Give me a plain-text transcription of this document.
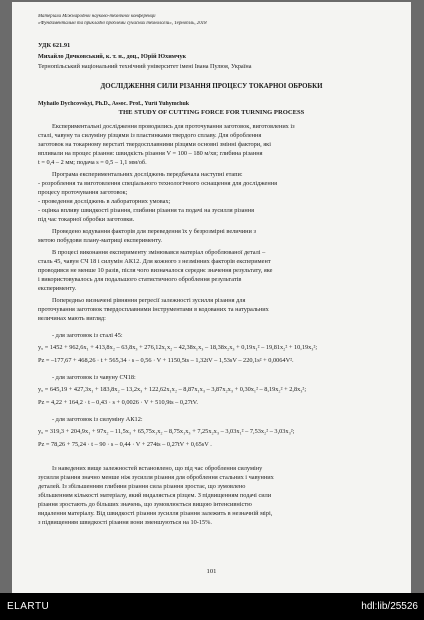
Матеріали Міжнародної науково-технічної конференції
«Фундаментальні та прикладні проблеми сучасних технологій», Тернопіль, 2018
УДК 621.91
Михайло Дячковський, к. т. н., доц., Юрій Юхимчук
Тернопільський національний технічний університет імені Івана Пулюя, Україна
ДОСЛІДЖЕННЯ СИЛИ РІЗАННЯ ПРОЦЕСУ ТОКАРНОЇ ОБРОБКИ
Myhailo Dychcovskyi, Ph.D., Assoc. Prof., Yurii Yuhymchuk
THE STUDY OF CUTTING FORCE FOR TURNING PROCESS
Експериментальні дослідження проводились для проточування заготовок, виготовлених із
сталі, чавуну та силуміну різцями із пластинками твердого сплаву. Для оброблення
заготовок на токарному верстаті твердосплавними різцями основні змінні фактори, які
впливали на процес різання: швидкість різання V = 100 – 180 м/хв; глибина різання
t = 0,4 – 2 мм; подача s = 0,5 – 1,1 мм/об.
Програма експериментальних досліджень передбачала наступні етапи:
- розроблення та виготовлення спеціального технологічного оснащення для дослідження
процесу проточування заготовок;
- проведення досліджень в лабораторних умовах;
- оцінка впливу швидкості різання, глибини різання та подачі на зусилля різання
під час токарної обробки заготовки.
Проведено кодування факторів для переведення їх у безрозмірні величини з
метою побудови плану-матриці експерименту.
В процесі виконання експерименту змінювався матеріал оброблюваної деталі –
сталь 45, чавун СЧ 18 і силумін АК12. Для кожного з незмінних факторів експеримент
проводився не менше 10 разів, після чого визначалося середнє значення результату, яке
і використовувалось для подальшого статистичного оброблення результатів
експерименту.
Попередньо визначені рівняння регресії залежності зусилля різання для
проточування заготовок твердосплавними інструментами в кодованих та натуральних
величинах мають вигляд:
- для заготовок із сталі 45:
yᵤ = 1452 + 962,6x₁ + 413,8x₂ – 63,8x₃ + 276,12x₁x₂ – 42,38x₁x₃ – 18,38x₂x₃ + 0,19x₁² – 19,81x₂² + 10,19x₃²;
Pz = –177,67 + 468,26 · t + 565,34 · s – 0,56 · V + 1150,5ts – 1,32tV – 1,53sV – 220,1s² + 0,0064V².
- для заготовок із чавуну СЧ18:
yᵤ = 645,19 + 427,3x₁ + 183,8x₂ – 13,2x₃ + 122,62x₁x₂ – 8,87x₁x₃ – 3,87x₂x₃ + 0,30x₁² – 8,19x₂² + 2,8x₃²;
Pz = 4,22 + 164,2 · t – 0,43 · s + 0,0026 · V + 510,9ts – 0,27tV.
- для заготовок із силуміну АК12:
yᵤ = 319,3 + 204,9x₁ + 97x₂ – 11,5x₃ + 65,75x₁x₂ – 8,75x₁x₃ + 7,25x₂x₃ – 3,03x₁² – 7,53x₂² – 3,03x₃²;
Pz = 78,26 + 75,24 · t – 90 · s – 0,44 · V + 274ts – 0,27tV + 0,65sV .
Із наведених вище залежностей встановлено, що під час оброблення силуміну
зусилля різання значно менше ніж зусилля різання для оброблення стальних і чавунних
деталей. Із збільшенням глибини різання сила різання зростає, що зумовлено
збільшенням кількості матеріалу, який видаляється різцем. З підвищенням подачі сили
різання зростають до більших значень, що зумовлюється вищою інтенсивністю
видалення матеріалу. Від швидкості різання зусилля різання залежить в незначній мірі,
з підвищенням швидкості різання вони зменшуються на 10-15%.
101
ELARTU	hdl:lib/25526
